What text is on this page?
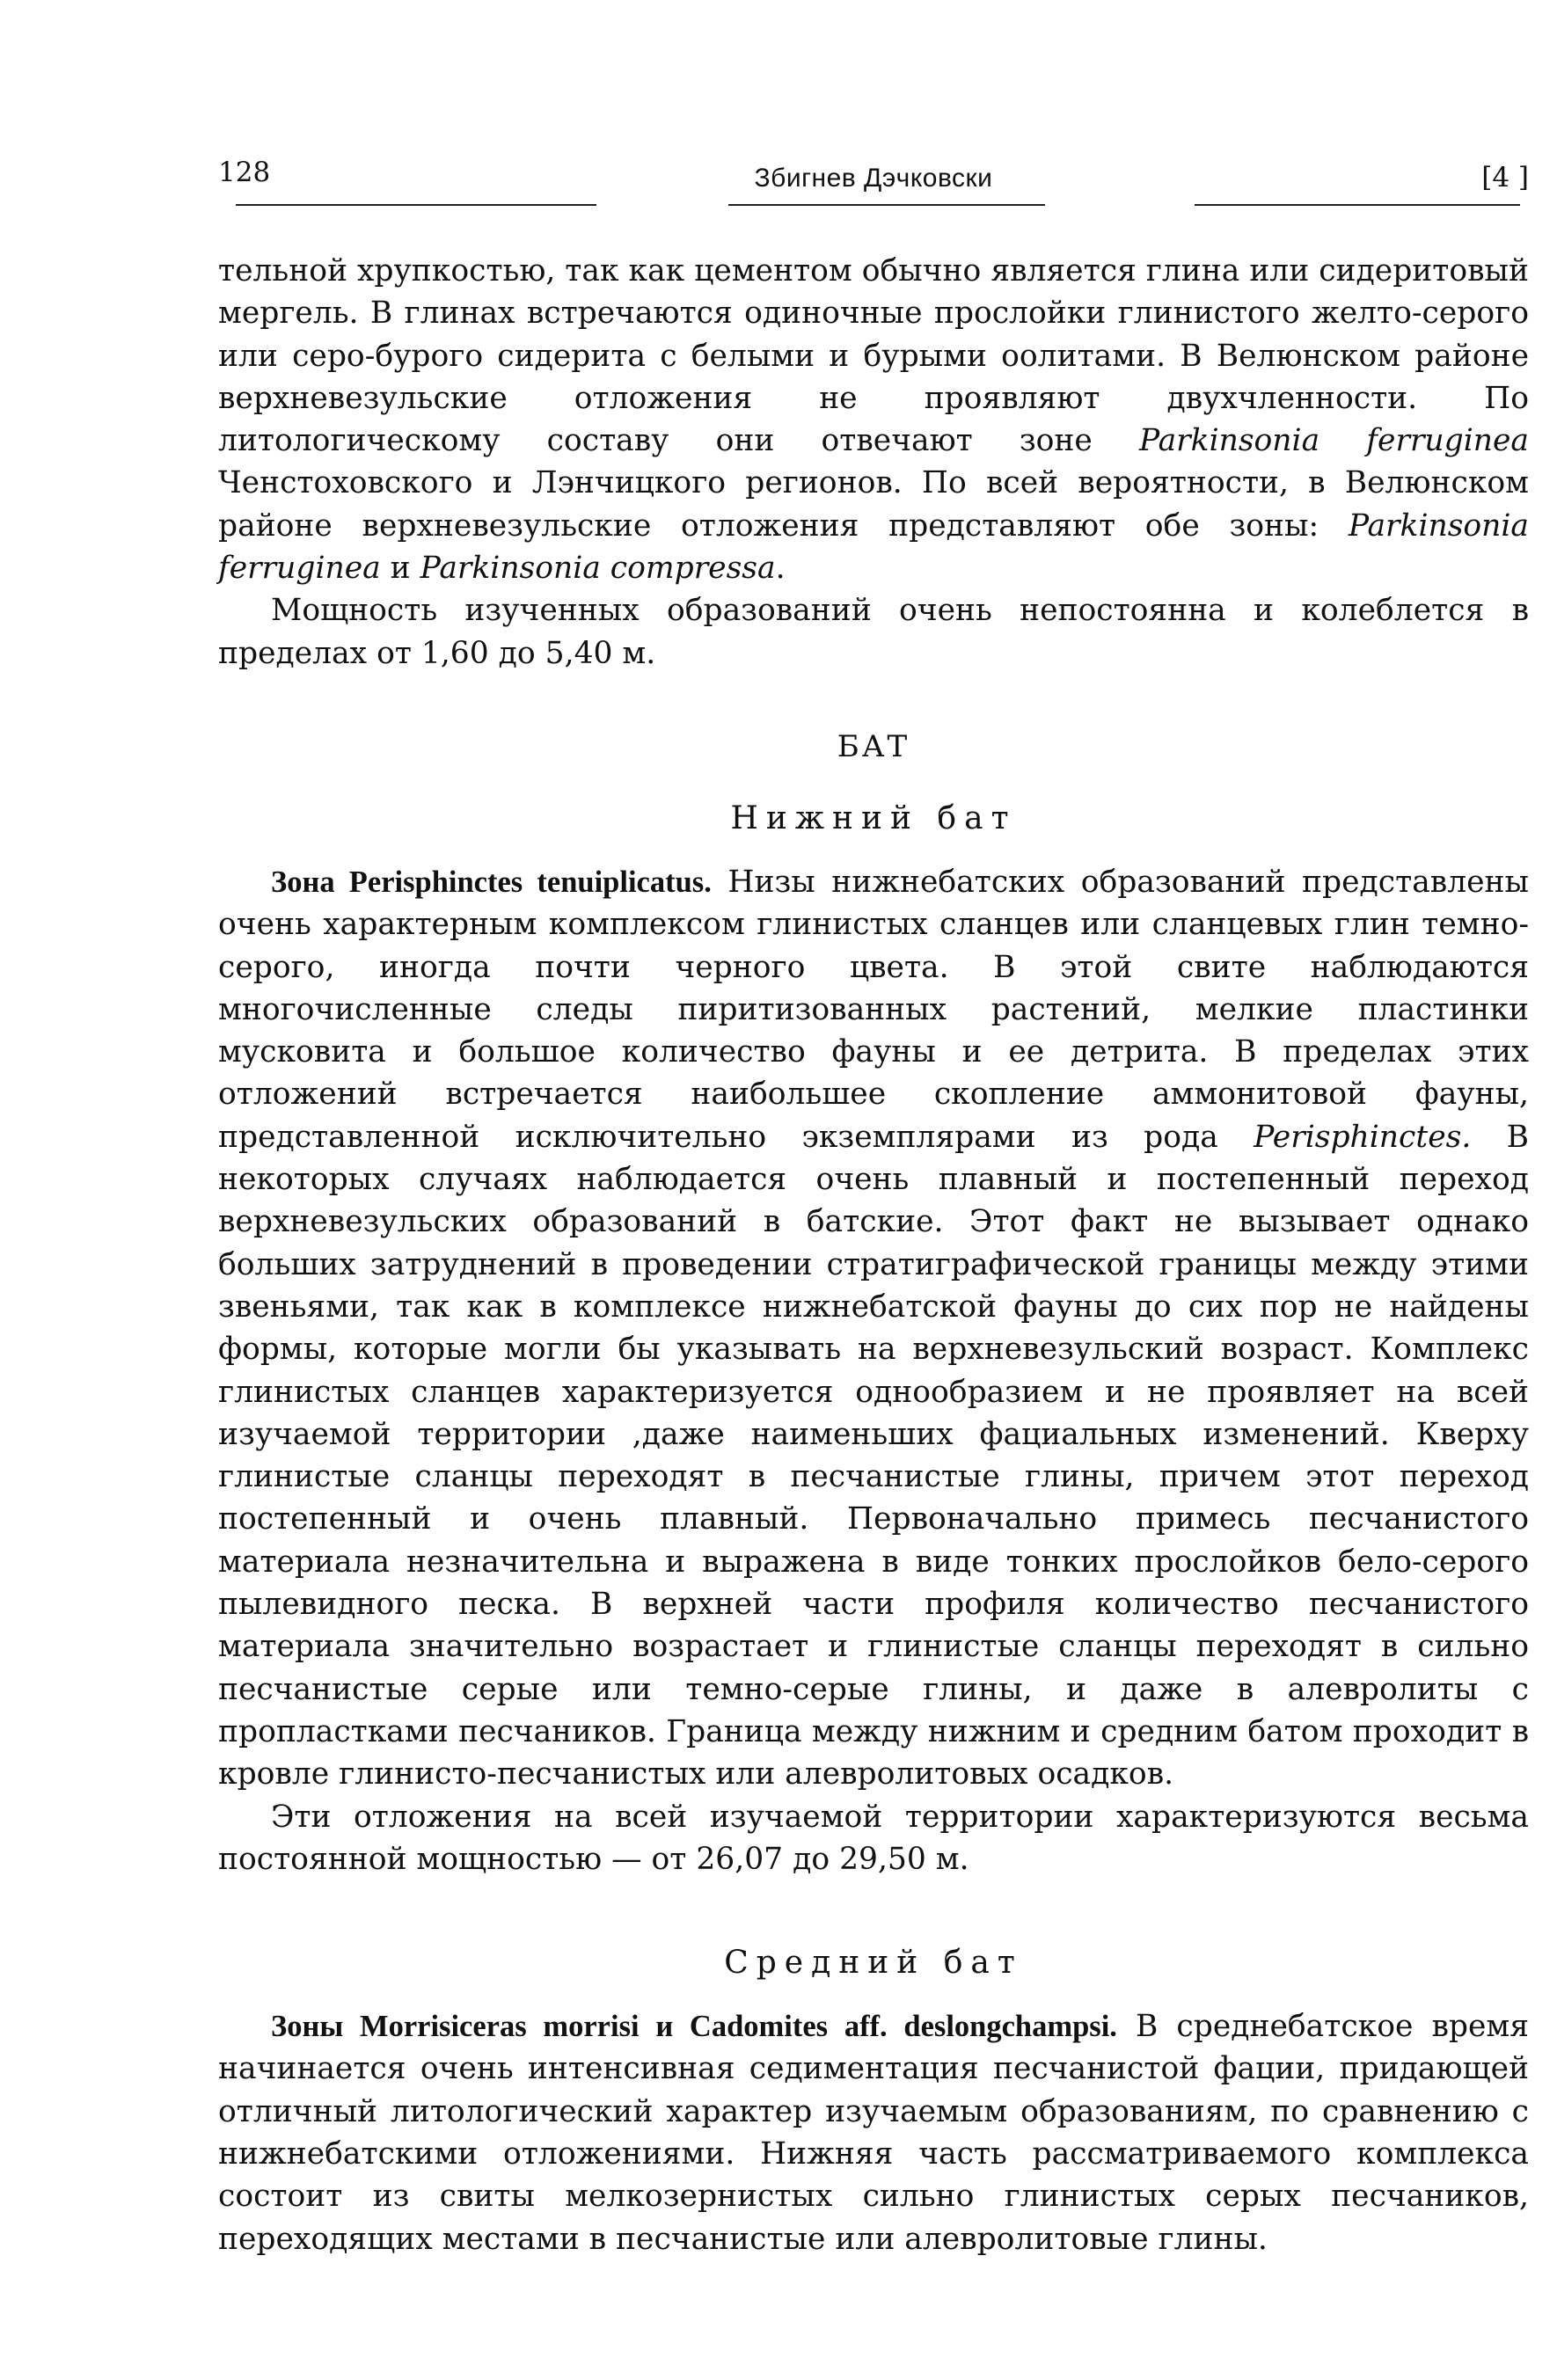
128	Збигнев Дэчковски	[4 ]

тельной хрупкостью, так как цементом обычно является глина или сидеритовый мергель. В глинах встречаются одиночные прослойки глинистого желто-серого или серо-бурого сидерита с белыми и бурыми оолитами. В Велюнском районе верхневезульские отложения не проявляют двухчленности. По литологическому составу они отвечают зоне Parkinsonia ferruginea Ченстоховского и Лэнчицкого регионов. По всей вероятности, в Велюнском районе верхневезульские отложения представляют обе зоны: Parkinsonia ferruginea и Parkinsonia compressa.

Мощность изученных образований очень непостоянна и колеблется в пределах от 1,60 до 5,40 м.

БАТ
Нижний бат

Зона Perisphinctes tenuiplicatus. Низы нижнебатских образований представлены очень характерным комплексом глинистых сланцев или сланцевых глин темно-серого, иногда почти черного цвета. В этой свите наблюдаются многочисленные следы пиритизованных растений, мелкие пластинки мусковита и большое количество фауны и ее детрита. В пределах этих отложений встречается наибольшее скопление аммонитовой фауны, представленной исключительно экземплярами из рода Perisphinctes. В некоторых случаях наблюдается очень плавный и постепенный переход верхневезульских образований в батские. Этот факт не вызывает однако больших затруднений в проведении стратиграфической границы между этими звеньями, так как в комплексе нижнебатской фауны до сих пор не найдены формы, которые могли бы указывать на верхневезульский возраст. Комплекс глинистых сланцев характеризуется однообразием и не проявляет на всей изучаемой территории ,даже наименьших фациальных изменений. Кверху глинистые сланцы переходят в песчанистые глины, причем этот переход постепенный и очень плавный. Первоначально примесь песчанистого материала незначительна и выражена в виде тонких прослойков бело-серого пылевидного песка. В верхней части профиля количество песчанистого материала значительно возрастает и глинистые сланцы переходят в сильно песчанистые серые или темно-серые глины, и даже в алевролиты с пропластками песчаников. Граница между нижним и средним батом проходит в кровле глинисто-песчанистых или алевролитовых осадков.

Эти отложения на всей изучаемой территории характеризуются весьма постоянной мощностью — от 26,07 до 29,50 м.

Средний бат

Зоны Morrisiceras morrisi и Cadomites aff. deslongchampsi. В среднебатское время начинается очень интенсивная седиментация песчанистой фации, придающей отличный литологический характер изучаемым образованиям, по сравнению с нижнебатскими отложениями. Нижняя часть рассматриваемого комплекса состоит из свиты мелкозернистых сильно глинистых серых песчаников, переходящих местами в песчанистые или алевролитовые глины.
